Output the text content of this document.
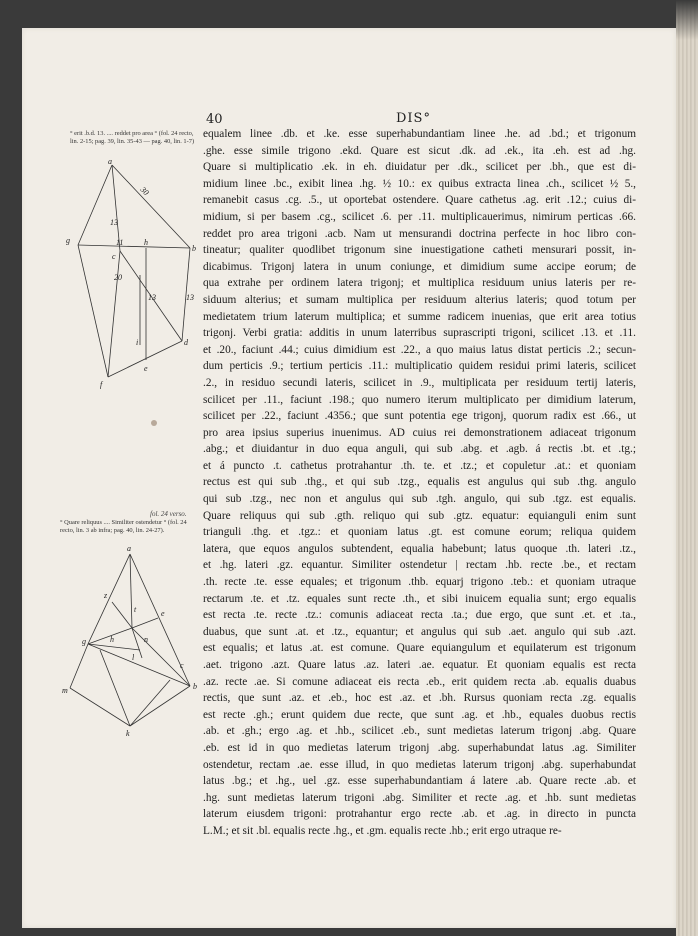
40	DIS°
° erit .b.d. 13. .... reddet pro area ° (fol. 24 recto, lin. 2-15; pag. 39, lin. 35-43 — pag. 40, lin. 1-7)
fol. 24 verso.
° Quare reliquus .... Similiter ostendetur ° (fol. 24 recto, lin. 3 ab infra; pag. 40, lin. 24-27).
a
g
b
h
c
d
e
f
i
30
13
11
20
13	13
a
z
t	e
h	n
g
l
c
b
m
k
equalem linee .db. et .ke. esse superhabundantiam linee .he. ad .bd.; et trigonum
.ghe. esse simile trigono .ekd. Quare est sicut .dk. ad .ek., ita .eh. est ad .hg.
Quare si multiplicatio .ek. in eh. diuidatur per .dk., scilicet per .bh., que est di-
midium linee .bc., exibit linea .hg. ½ 10.: ex quibus extracta linea .ch., scilicet ½ 5.,
remanebit casus .cg. .5., ut oportebat ostendere. Quare cathetus .ag. erit .12.; cuius di-
midium, si per basem .cg., scilicet .6. per .11. multiplicauerimus, nimirum perticas .66.
reddet pro area trigoni .acb. Nam ut mensurandi doctrina perfecte in hoc libro con-
tineatur; qualiter quodlibet trigonum sine inuestigatione catheti mensurari possit, in-
dicabimus. Trigonj latera in unum coniunge, et dimidium sume accipe eorum; de
qua extrahe per ordinem latera trigonj; et multiplica residuum unius lateris per re-
siduum alterius; et sumam multiplica per residuum alterius lateris; quod totum per
medietatem trium laterum multiplica; et summe radicem inuenias, que erit area totius
trigonj. Verbi gratia: additis in unum laterribus suprascripti trigoni, scilicet .13. et .11.
et .20., faciunt .44.; cuius dimidium est .22., a quo maius latus distat perticis .2.; secun-
dum perticis .9.; tertium perticis .11.: multiplicatio quidem residui primi lateris, scilicet
.2., in residuo secundi lateris, scilicet in .9., multiplicata per residuum tertij lateris,
scilicet per .11., faciunt .198.; quo numero iterum multiplicato per dimidium laterum,
scilicet per .22., faciunt .4356.; que sunt potentia ege trigonj, quorum radix est .66., ut
pro area ipsius superius inuenimus. AD cuius rei demonstrationem adiaceat trigonum
.abg.; et diuidantur in duo equa anguli, qui sub .abg. et .agb. á rectis .bt. et .tg.;
et á puncto .t. cathetus protrahantur .th. te. et .tz.; et copuletur .at.: et quoniam
rectus est qui sub .thg., et qui sub .tzg., equalis est angulus qui sub .thg. angulo
qui sub .tzg., nec non et angulus qui sub .tgh. angulo, qui sub .tgz. est equalis.
Quare reliquus qui sub .gth. reliquo qui sub .gtz. equatur: equianguli enim sunt
trianguli .thg. et .tgz.: et quoniam latus .gt. est comune eorum; reliqua quidem
latera, que equos angulos subtendent, equalia habebunt; latus quoque .th. lateri .tz.,
et .hg. lateri .gz. equantur. Similiter ostendetur | rectam .hb. recte .be., et rectam
.th. recte .te. esse equales; et trigonum .thb. equarj trigono .teb.: et quoniam utraque
rectarum .te. et .tz. equales sunt recte .th., et sibi inuicem equalia sunt; ergo equalis
est recta .te. recte .tz.: comunis adiaceat recta .ta.; due ergo, que sunt .et. et .ta.,
duabus, que sunt .at. et .tz., equantur; et angulus qui sub .aet. angulo qui sub .azt.
est equalis; et latus .at. est comune. Quare equiangulum et equilaterum est trigonum
.aet. trigono .azt. Quare latus .az. lateri .ae. equatur. Et quoniam equalis est recta
.az. recte .ae. Si comune adiaceat eis recta .eb., erit quidem recta .ab. equalis duabus
rectis, que sunt .az. et .eb., hoc est .az. et .bh. Rursus quoniam recta .zg. equalis
est recte .gh.; erunt quidem due recte, que sunt .ag. et .hb., equales duobus rectis
.ab. et .gh.; ergo .ag. et .hb., scilicet .eb., sunt medietas laterum trigonj .abg. Quare
.eb. est id in quo medietas laterum trigonj .abg. superhabundat latus .ag. Similiter
ostendetur, rectam .ae. esse illud, in quo medietas laterum trigonj .abg. superhabundat
latus .bg.; et .hg., uel .gz. esse superhabundantiam á latere .ab. Quare recte .ab. et
.hg. sunt medietas laterum trigoni .abg. Similiter et recte .ag. et .hb. sunt medietas
laterum eiusdem trigoni: protrahantur ergo recte .ab. et .ag. in directo in puncta
L.M.; et sit .bl. equalis recte .hg., et .gm. equalis recte .hb.; erit ergo utraque re-
